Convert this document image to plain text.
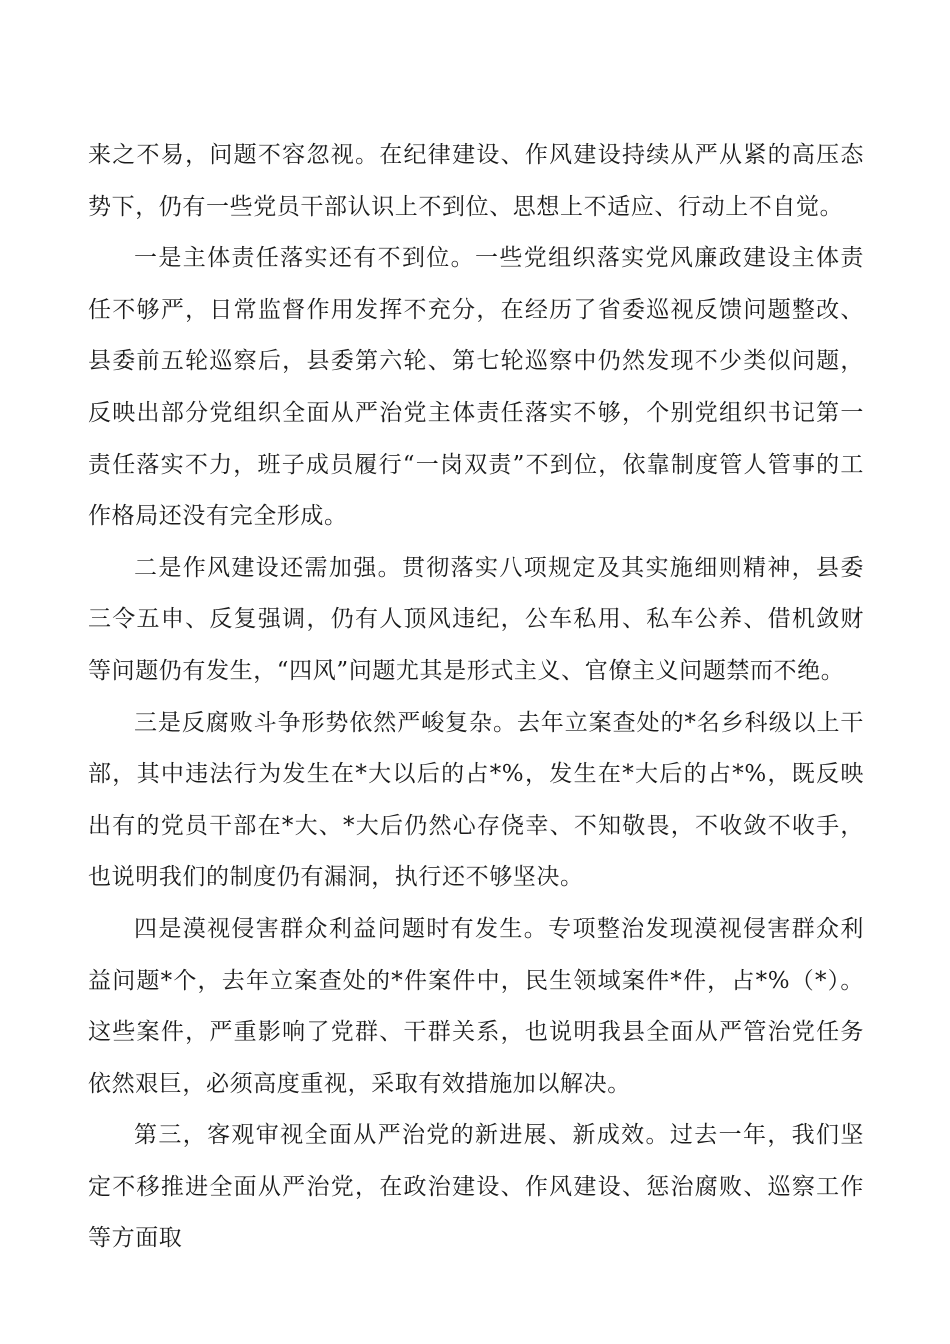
来之不易，问题不容忽视。在纪律建设、作风建设持续从严从紧的高压态势下，仍有一些党员干部认识上不到位、思想上不适应、行动上不自觉。

一是主体责任落实还有不到位。一些党组织落实党风廉政建设主体责任不够严，日常监督作用发挥不充分，在经历了省委巡视反馈问题整改、县委前五轮巡察后，县委第六轮、第七轮巡察中仍然发现不少类似问题，反映出部分党组织全面从严治党主体责任落实不够，个别党组织书记第一责任落实不力，班子成员履行“一岗双责”不到位，依靠制度管人管事的工作格局还没有完全形成。

二是作风建设还需加强。贯彻落实八项规定及其实施细则精神，县委三令五申、反复强调，仍有人顶风违纪，公车私用、私车公养、借机敛财等问题仍有发生，“四风”问题尤其是形式主义、官僚主义问题禁而不绝。

三是反腐败斗争形势依然严峻复杂。去年立案查处的*名乡科级以上干部，其中违法行为发生在*大以后的占*%，发生在*大后的占*%，既反映出有的党员干部在*大、*大后仍然心存侥幸、不知敬畏，不收敛不收手，也说明我们的制度仍有漏洞，执行还不够坚决。

四是漠视侵害群众利益问题时有发生。专项整治发现漠视侵害群众利益问题*个，去年立案查处的*件案件中，民生领域案件*件，占*%（*）。这些案件，严重影响了党群、干群关系，也说明我县全面从严管治党任务依然艰巨，必须高度重视，采取有效措施加以解决。

第三，客观审视全面从严治党的新进展、新成效。过去一年，我们坚定不移推进全面从严治党，在政治建设、作风建设、惩治腐败、巡察工作等方面取
